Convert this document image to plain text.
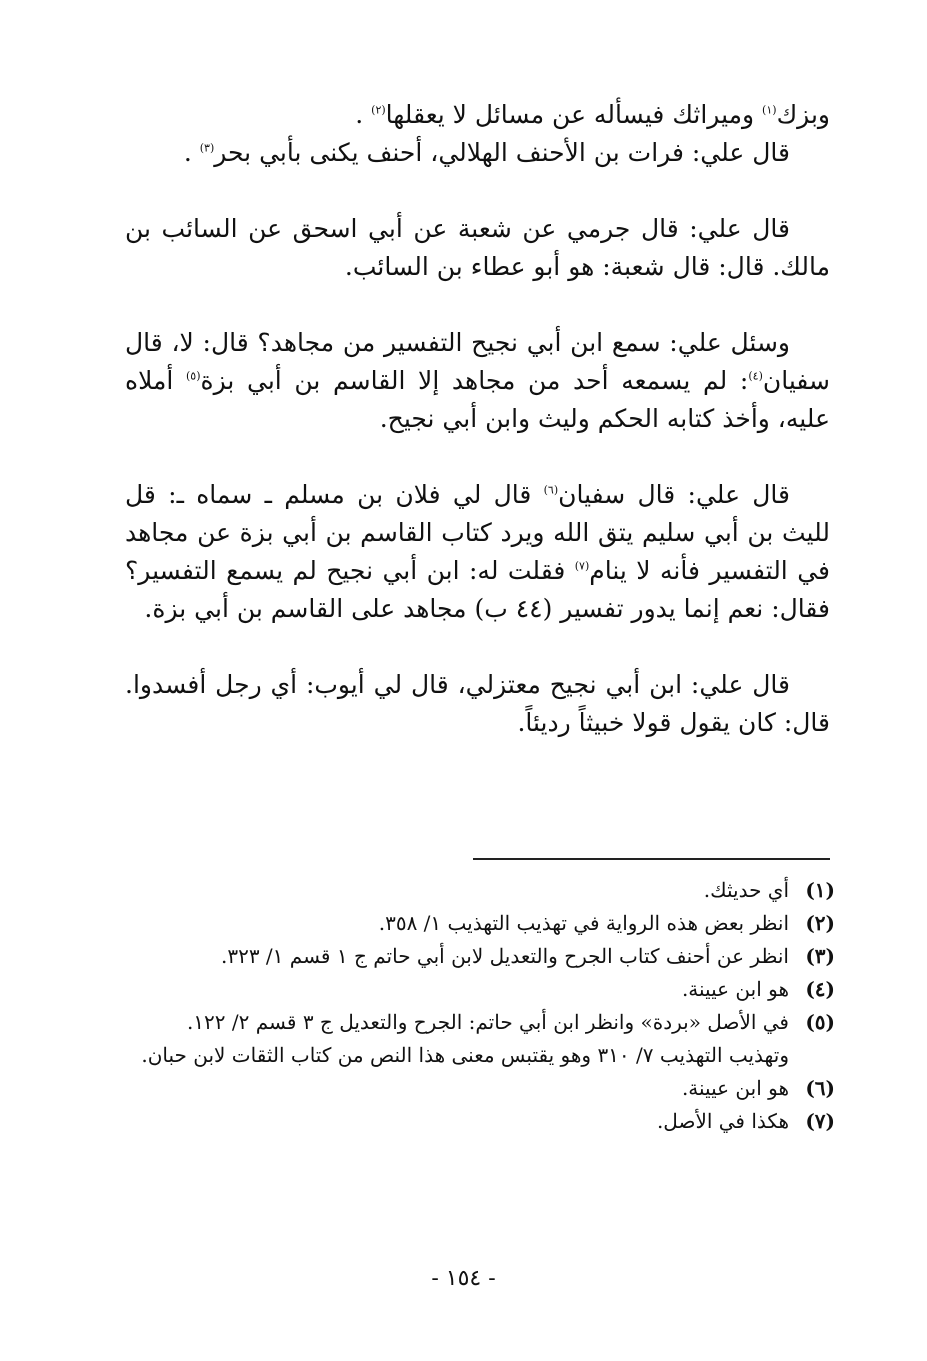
وبزك$^{(١)}$ وميراثك فيسأله عن مسائل لا يعقلها$^{(٢)}$ .

قال علي: فرات بن الأحنف الهلالي، أحنف يكنى بأبي بحر$^{(٣)}$ .

قال علي: قال جرمي عن شعبة عن أبي اسحق عن السائب بن مالك. قال: قال شعبة: هو أبو عطاء بن السائب.

وسئل علي: سمع ابن أبي نجيح التفسير من مجاهد؟ قال: لا، قال سفيان$^{(٤)}$: لم يسمعه أحد من مجاهد إلا القاسم بن أبي بزة$^{(٥)}$ أملاه عليه، وأخذ كتابه الحكم وليث وابن أبي نجيح.

قال علي: قال سفيان$^{(٦)}$ قال لي فلان بن مسلم ـ سماه ـ: قل لليث بن أبي سليم يتق الله ويرد كتاب القاسم بن أبي بزة عن مجاهد في التفسير فأنه لا ينام$^{(٧)}$ فقلت له: ابن أبي نجيح لم يسمع التفسير؟ فقال: نعم إنما يدور تفسير (٤٤ ب) مجاهد على القاسم بن أبي بزة.

قال علي: ابن أبي نجيح معتزلي، قال لي أيوب: أي رجل أفسدوا. قال: كان يقول قولا خبيثاً رديئاً.

(١)
أي حديثك.
(٢)
انظر بعض هذه الرواية في تهذيب التهذيب ١/ ٣٥٨.
(٣)
انظر عن أحنف كتاب الجرح والتعديل لابن أبي حاتم ج ١ قسم ١/ ٣٢٣.
(٤)
هو ابن عيينة.
(٥)
في الأصل «بردة» وانظر ابن أبي حاتم: الجرح والتعديل ج ٣ قسم ٢/ ١٢٢. وتهذيب التهذيب ٧/ ٣١٠ وهو يقتبس معنى هذا النص من كتاب الثقات لابن حبان.
(٦)
هو ابن عيينة.
(٧)
هكذا في الأصل.
- ١٥٤ -
